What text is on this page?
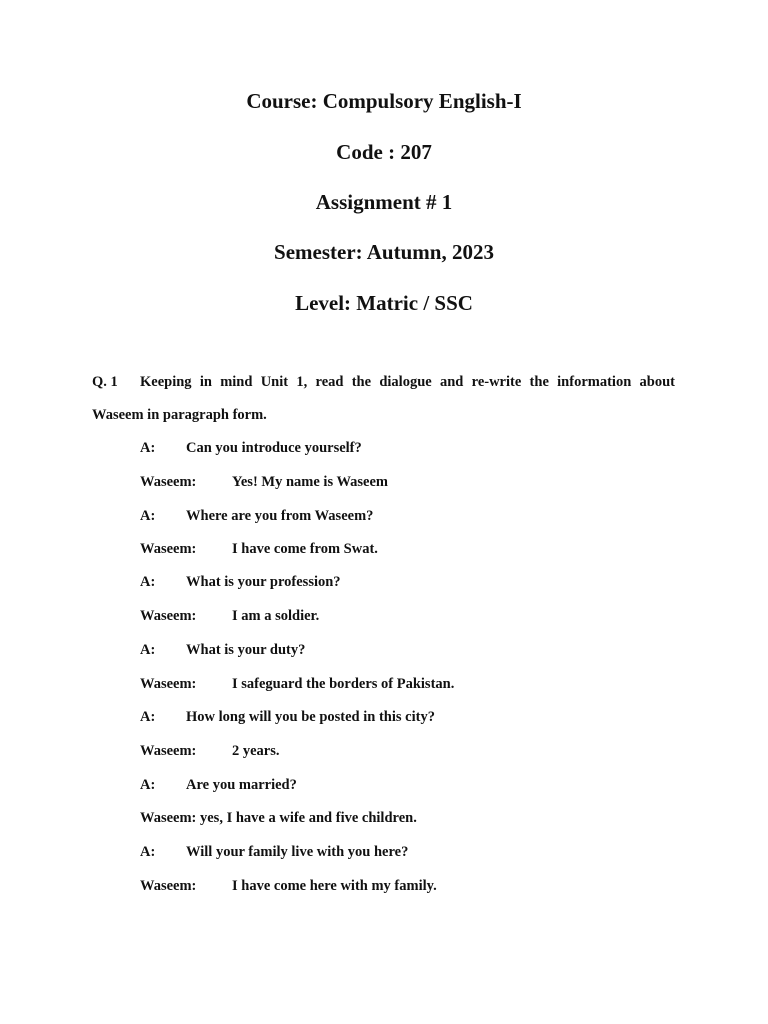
Course: Compulsory English-I
Code : 207
Assignment # 1
Semester: Autumn, 2023
Level: Matric / SSC
Q. 1 Keeping in mind Unit 1, read the dialogue and re-write the information about
Waseem in paragraph form.
A: Can you introduce yourself?
Waseem: Yes! My name is Waseem
A: Where are you from Waseem?
Waseem: I have come from Swat.
A: What is your profession?
Waseem: I am a soldier.
A: What is your duty?
Waseem: I safeguard the borders of Pakistan.
A: How long will you be posted in this city?
Waseem: 2 years.
A: Are you married?
Waseem: yes, I have a wife and five children.
A: Will your family live with you here?
Waseem: I have come here with my family.
